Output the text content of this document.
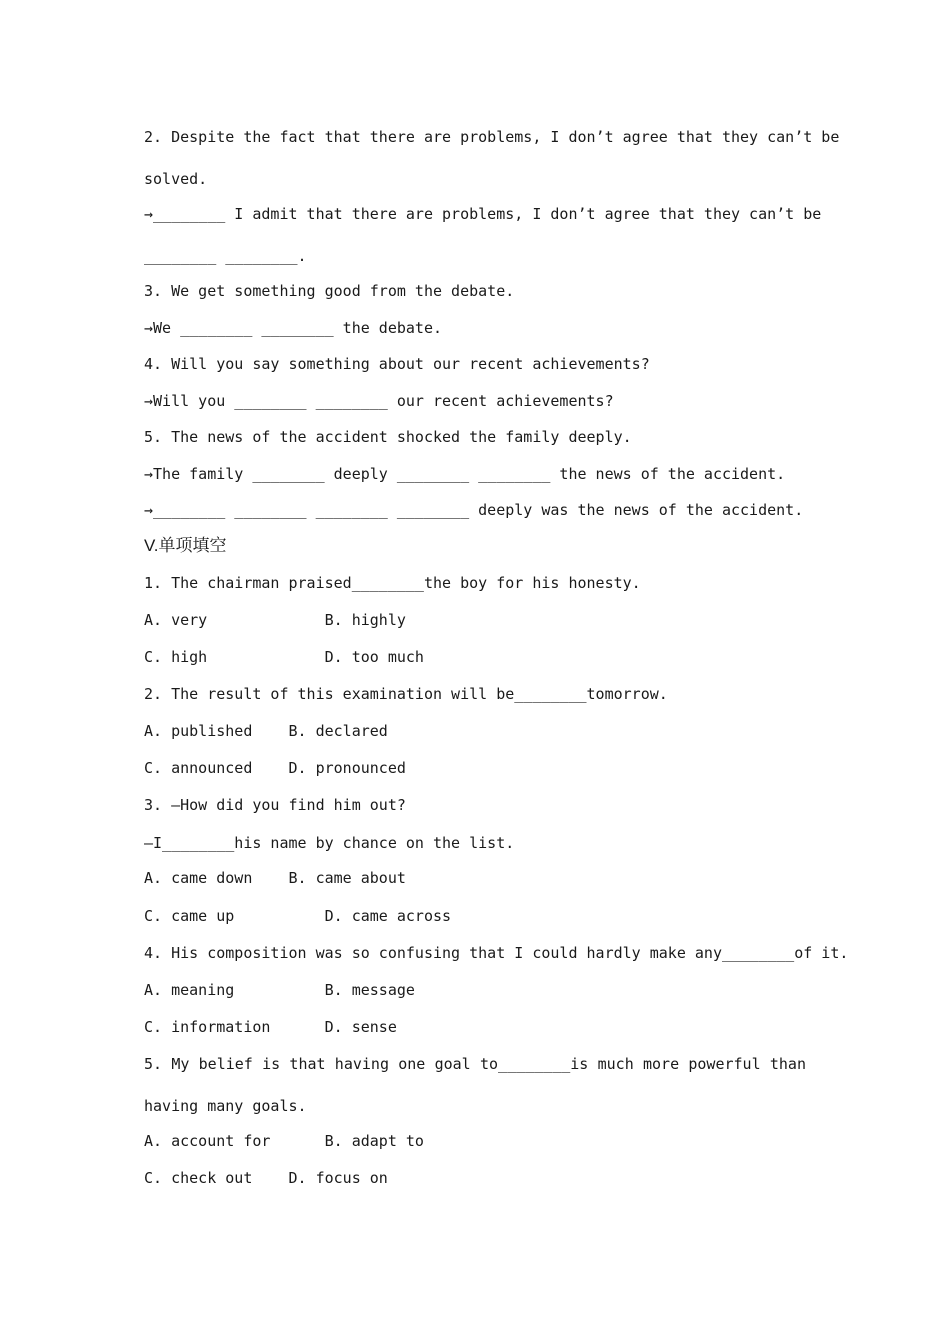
2. Despite the fact that there are problems, I don’t agree that they can’t be

solved.

→________ I admit that there are problems, I don’t agree that they can’t be

________ ________.

3. We get something good from the debate.

→We ________ ________ the debate.

4. Will you say something about our recent achievements?

→Will you ________ ________ our recent achievements?

5. The news of the accident shocked the family deeply.

→The family ________ deeply ________ ________ the news of the accident.

→________ ________ ________ ________ deeply was the news of the accident.

V.单项填空

1. The chairman praised________the boy for his honesty.

A. very             B. highly

C. high             D. too much

2. The result of this examination will be________tomorrow.

A. published    B. declared

C. announced    D. pronounced

3. —How did you find him out?

—I________his name by chance on the list.

A. came down    B. came about

C. came up          D. came across

4. His composition was so confusing that I could hardly make any________of it.

A. meaning          B. message

C. information      D. sense

5. My belief is that having one goal to________is much more powerful than

having many goals.

A. account for      B. adapt to

C. check out    D. focus on
